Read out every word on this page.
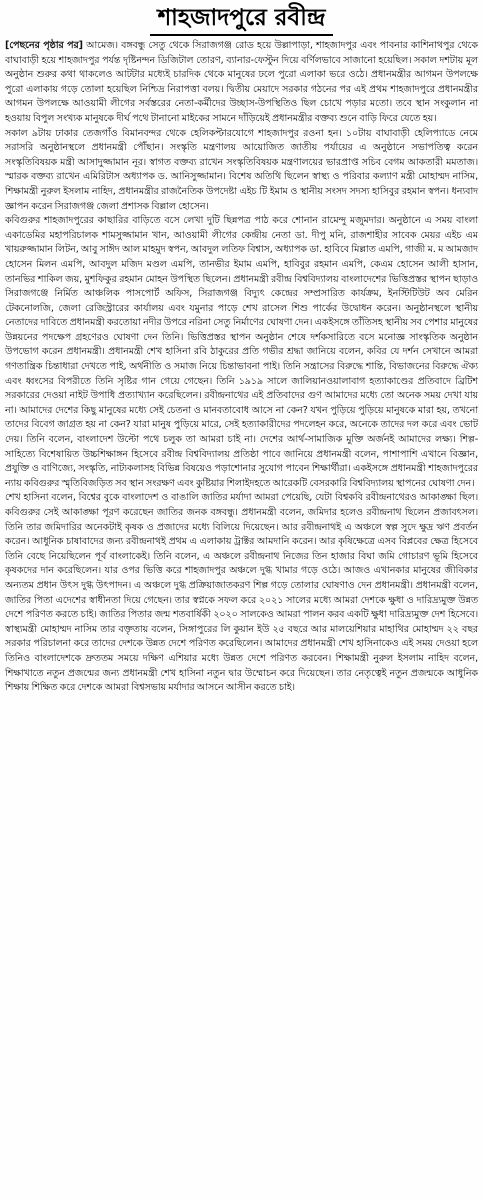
শাহজাদপুরে রবীন্দ্র

[পেছনের পৃষ্ঠার পর] আমেজ। বঙ্গবন্ধু সেতু থেকে সিরাজগঞ্জ রোড হয়ে উল্লাপাড়া, শাহজাদপুর এবং পাবনার কাশিনাথপুর থেকে বাঘাবাড়ী হয়ে শাহজাদপুর পর্যন্ত দৃষ্টিনন্দন ডিজিটাল তোরণ, ব্যানার-ফেস্টুন দিয়ে বর্ণিলভাবে সাজানো হয়েছিল। সকাল দশটায় মূল অনুষ্ঠান শুরুর কথা থাকলেও আটটার মধ্যেই চারদিক থেকে মানুষের ঢলে পুরো এলাকা ভরে ওঠে। প্রধানমন্ত্রীর আগমন উপলক্ষে পুরো এলাকায় গড়ে তোলা হয়েছিল নিশ্চিদ্র নিরাপত্তা বলয়। দ্বিতীয় মেয়াদে সরকার গঠনের পর এই প্রথম শাহজাদপুরে প্রধানমন্ত্রীর আগমন উপলক্ষে আওয়ামী লীগের সর্বস্তরের নেতা-কর্মীদের উচ্ছাস-উপস্থিতিও ছিল চোখে পড়ার মতো। তবে স্থান সংকুলান না হওয়ায় বিপুল সংখ্যক মানুষকে দীর্ঘ পথে টানানো মাইকের সামনে দাঁড়িয়েই প্রধানমন্ত্রীর বক্তব্য শুনে বাড়ি ফিরে যেতে হয়।

সকাল ৯টায় ঢাকার তেজগাঁও বিমানবন্দর থেকে হেলিকপ্টারযোগে শাহজাদপুর রওনা হন। ১০টায় বাঘাবাড়ী হেলিপ্যাডে নেমে সরাসরি অনুষ্ঠানস্থলে প্রধানমন্ত্রী পৌঁছান। সংস্কৃতি মন্ত্রণালয় আয়োজিত জাতীয় পর্যায়ের এ অনুষ্ঠানে সভাপতিত্ব করেন সংস্কৃতিবিষয়ক মন্ত্রী আসাদুজ্জামান নূর। স্বাগত বক্তব্য রাখেন সংস্কৃতিবিষয়ক মন্ত্রণালয়ের ভারপ্রাপ্ত সচিব বেগম আকতারী মমতাজ। স্মারক বক্তব্য রাখেন এমিরিটাস অধ্যাপক ড. আনিসুজ্জামান। বিশেষ অতিথি ছিলেন স্বাস্থ্য ও পরিবার কল্যাণ মন্ত্রী মোহাম্মদ নাসিম, শিক্ষামন্ত্রী নুরুল ইসলাম নাহিদ, প্রধানমন্ত্রীর রাজনৈতিক উপদেষ্টা এইচ টি ইমাম ও স্থানীয় সংসদ সদস্য হাসিবুর রহমান স্বপন। ধন্যবাদ জ্ঞাপন করেন সিরাজগঞ্জ জেলা প্রশাসক বিল্লাল হোসেন।

কবিগুরুর শাহজাদপুরের কাছারির বাড়িতে বসে লেখা দুটি ছিন্নপত্র পাঠ করে শোনান রামেন্দু মজুমদার। অনুষ্ঠানে এ সময় বাংলা একাডেমির মহাপরিচালক শামসুজ্জামান খান, আওয়ামী লীগের কেন্দ্রীয় নেতা ডা. দীপু মনি, রাজশাহীর সাবেক মেয়র এইচ এম খায়রুজ্জামান লিটন, আবু সাঈদ আল মাহমুদ স্বপন, আবদুল লতিফ বিশ্বাস, অধ্যাপক ডা. হাবিবে মিল্লাত এমপি, গাজী ম. ম আমজাদ হোসেন মিলন এমপি, আবদুল মজিদ মণ্ডল এমপি, তানভীর ইমাম এমপি, হাবিবুর রহমান এমপি, কেএম হোসেন আলী হাসান, তানভির শাকিল জয়, মুশফিকুর রহমান মোহন উপস্থিত ছিলেন। প্রধানমন্ত্রী রবীন্দ্র বিশ্ববিদ্যালয় বাংলাদেশের ভিত্তিপ্রস্তর স্থাপন ছাড়াও সিরাজগঞ্জে নির্মিত আঞ্চলিক পাসপোর্ট অফিস, সিরাজগঞ্জ বিদ্যুৎ কেন্দ্রের সম্প্রসারিত কার্যক্রম, ইনস্টিটিউট অব মেরিন টেকনোলজি, জেলা রেজিস্ট্রারের কার্যালয় এবং যমুনার পাড়ে শেখ রাসেল শিশু পার্কের উদ্বোধন করেন। অনুষ্ঠানস্থলে স্থানীয় নেতাদের দাবিতে প্রধানমন্ত্রী করতোয়া নদীর উপরে নরিনা সেতু নির্মাণের ঘোষণা দেন। একইসঙ্গে তাঁতিসহ স্থানীয় সব পেশার মানুষের উন্নয়নের পদক্ষেপ গ্রহণেরও ঘোষণা দেন তিনি। ভিত্তিপ্রস্তর স্থাপন অনুষ্ঠান শেষে দর্শকসারিতে বসে মনোজ্ঞ সাংস্কৃতিক অনুষ্ঠান উপভোগ করেন প্রধানমন্ত্রী। প্রধানমন্ত্রী শেখ হাসিনা রবি ঠাকুরের প্রতি গভীর শ্রদ্ধা জানিয়ে বলেন, কবির যে দর্শন সেখানে আমরা গণতান্ত্রিক চিন্তাধারা দেখতে পাই, অর্থনীতি ও সমাজ নিয়ে চিন্তাভাবনা পাই। তিনি সন্ত্রাসের বিরুদ্ধে শান্তি, বিভাজনের বিরুদ্ধে ঐক্য এবং ধ্বংসের বিপরীতে তিনি সৃষ্টির গান গেয়ে গেছেন। তিনি ১৯১৯ সালে জালিয়ানওয়ালাবাগ হত্যাকাণ্ডের প্রতিবাদে ব্রিটিশ সরকারের দেওয়া নাইট উপাধি প্রত্যাখ্যান করেছিলেন। রবীন্দ্রনাথের এই প্রতিবাদের গুণ আমাদের মধ্যে তো অনেক সময় দেখা যায় না। আমাদের দেশের কিছু মানুষের মধ্যে সেই চেতনা ও মানবতাবোধ আসে না কেন? যখন পুড়িয়ে পুড়িয়ে মানুষকে মারা হয়, তখনো তাদের বিবেগ জাগ্রত হয় না কেন? যারা মানুষ পুড়িয়ে মারে, সেই হত্যাকারীদের পদলেহন করে, অনেকে তাদের দল করে এবং ভোট দেয়। তিনি বলেন, বাংলাদেশ উল্টো পথে চলুক তা আমরা চাই না। দেশের আর্থ-সামাজিক মুক্তি অর্জনই আমাদের লক্ষ্য। শিল্প-সাহিত্যে বিশেষায়িত উচ্চশিক্ষাঙ্গন হিসেবে রবীন্দ্র বিশ্ববিদ্যালয় প্রতিষ্ঠা পাবে জানিয়ে প্রধানমন্ত্রী বলেন, পাশাপাশি এখানে বিজ্ঞান, প্রযুক্তি ও বাণিজ্যে, সংস্কৃতি, নাট্যকলাসহ বিভিন্ন বিষয়েও পড়াশোনার সুযোগ পাবেন শিক্ষার্থীরা। একইসঙ্গে প্রধানমন্ত্রী শাহজাদপুরের ন্যায় কবিগুরুর স্মৃতিবিজড়িত সব স্থান সংরক্ষণ এবং কুষ্টিয়ার শিলাইদহতে আরেকটি বেসরকারি বিশ্ববিদ্যালয় স্থাপনের ঘোষণা দেন।

শেখ হাসিনা বলেন, বিশ্বের বুকে বাংলাদেশ ও বাঙালি জাতির মর্যাদা আমরা পেয়েছি, যেটা বিশ্বকবি রবীন্দ্রনাথেরও আকাঙ্ক্ষা ছিল। কবিগুরুর সেই আকাঙ্ক্ষা পূরণ করেছেন জাতির জনক বঙ্গবন্ধু। প্রধানমন্ত্রী বলেন, জমিদার হলেও রবীন্দ্রনাথ ছিলেন প্রজাবৎসল। তিনি তার জমিদারির অনেকটাই কৃষক ও প্রজাদের মধ্যে বিলিয়ে দিয়েছেন। আর রবীন্দ্রনাথই এ অঞ্চলে স্বল্প সুদে ক্ষুদ্র ঋণ প্রবর্তন করেন। আধুনিক চাষাবাদের জন্য রবীন্দ্রনাথই প্রথম এ এলাকায় ট্রাক্টর আমদানি করেন। আর কৃষিক্ষেত্রে এসব বিপ্লবের ক্ষেত্র হিসেবে তিনি বেছে নিয়েছিলেন পূর্ব বাংলাকেই। তিনি বলেন, এ অঞ্চলে রবীন্দ্রনাথ নিজের তিন হাজার বিঘা জমি গোচারণ ভূমি হিসেবে কৃষকদের দান করেছিলেন। যার ওপর ভিত্তি করে শাহজাদপুর অঞ্চলে দুগ্ধ খামার গড়ে ওঠে। আজও এখানকার মানুষের জীবিকার অন্যতম প্রধান উৎস দুগ্ধ উৎপাদন। এ অঞ্চলে দুগ্ধ প্রক্রিয়াজাতকরণ শিল্প গড়ে তোলার ঘোষণাও দেন প্রধানমন্ত্রী। প্রধানমন্ত্রী বলেন, জাতির পিতা এদেশের স্বাধীনতা দিয়ে গেছেন। তার স্বপ্নকে সফল করে ২০২১ সালের মধ্যে আমরা দেশকে ক্ষুধা ও দারিদ্র্যমুক্ত উন্নত দেশে পরিণত করতে চাই। জাতির পিতার জন্ম শতবার্ষিকী ২০২০ সালকেও আমরা পালন করব একটি ক্ষুধা দারিদ্র্যমুক্ত দেশ হিসেবে। স্বাস্থ্যমন্ত্রী মোহাম্মদ নাসিম তার বক্তৃতায় বলেন, সিঙ্গাপুরের লি কুয়ান ইউ ২৫ বছরে আর মালয়েশিয়ার মাহাথির মোহাম্মদ ২২ বছর সরকার পরিচালনা করে তাদের দেশকে উন্নত দেশে পরিণত করেছিলেন। আমাদের প্রধানমন্ত্রী শেখ হাসিনাকেও এই সময় দেওয়া হলে তিনিও বাংলাদেশকে দ্রুততম সময়ে দক্ষিণ এশিয়ার মধ্যে উন্নত দেশে পরিণত করবেন। শিক্ষামন্ত্রী নুরুল ইসলাম নাহিদ বলেন, শিক্ষাখাতে নতুন প্রজন্মের জন্য প্রধানমন্ত্রী শেখ হাসিনা নতুন দ্বার উম্মোচন করে দিয়েছেন। তার নেতৃত্বেই নতুন প্রজন্মকে আধুনিক শিক্ষায় শিক্ষিত করে দেশকে আমরা বিশ্বসভায় মর্যাদার আসনে আসীন করতে চাই।
